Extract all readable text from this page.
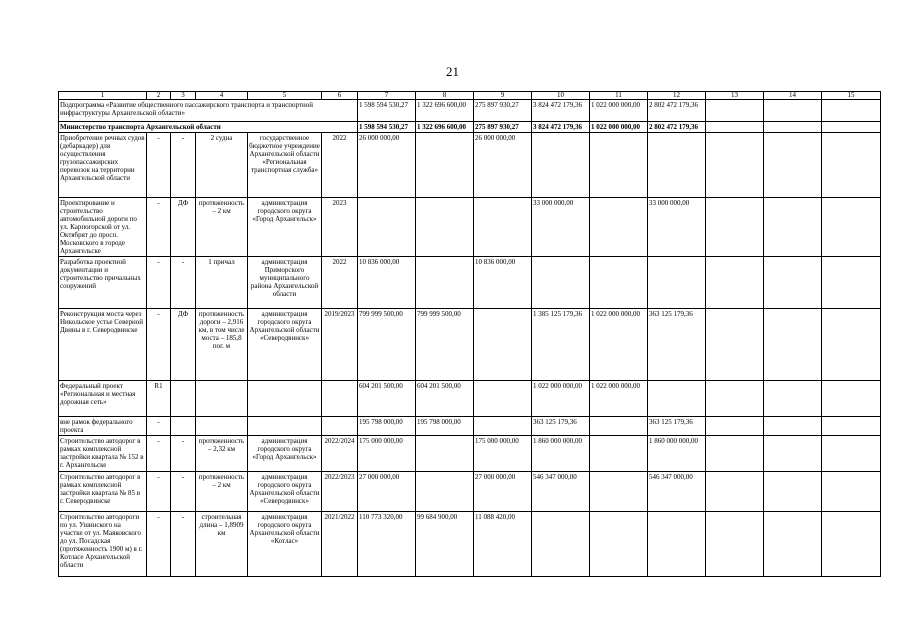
21
1	2	3	4	5	6	7	8	9	10	11	12	13	14	15
Подпрограмма «Развитие общественного пассажирского транспорта и транспортной инфраструктуры Архангельской области»						1 598 594 530,27	1 322 696 600,00	275 897 930,27	3 824 472 179,36	1 022 000 000,00	2 802 472 179,36			
Министерство транспорта Архангельской области						1 598 594 530,27	1 322 696 600,00	275 897 930,27	3 824 472 179,36	1 022 000 000,00	2 802 472 179,36			
Приобретение речных судов (дебаркадер) для осуществления грузопассажирских перевозок на территории Архангельской области	-	-	2 судна	государственное бюджетное учреждение Архангельской области «Региональная транспортная служба»	2022	26 000 000,00		26 000 000,00						
Проектирование и строительство автомобильной дороги по ул. Карпогорской от ул. Октябрят до просп. Московского в городе Архангельске	-	ДФ	протяженность – 2 км	администрация городского округа «Город Архангельск»	2023				33 000 000,00		33 000 000,00			
Разработка проектной документации и строительство причальных сооружений	-	-	1 причал	администрация Приморского муниципального района Архангельской области	2022	10 836 000,00		10 836 000,00						
Реконструкция моста через Никольское устье Северной Двины в г. Северодвинске	-	ДФ	протяженность дороги – 2,916 км, в том числе моста – 185,8 пог. м	администрация городского округа Архангельской области «Северодвинск»	2019/2023	799 999 500,00	799 999 500,00		1 385 125 179,36	1 022 000 000,00	363 125 179,36			
Федеральный проект «Региональная и местная дорожная сеть»	R1					604 201 500,00	604 201 500,00		1 022 000 000,00	1 022 000 000,00				
вне рамок федерального проекта	-					195 798 000,00	195 798 000,00		363 125 179,36		363 125 179,36			
Строительство автодорог в рамках комплексной застройки квартала № 152 в г. Архангельске	-	-	протяженность – 2,32 км	администрация городского округа «Город Архангельск»	2022/2024	175 000 000,00		175 000 000,00	1 860 000 000,00		1 860 000 000,00			
Строительство автодорог в рамках комплексной застройки квартала № 85 в г. Северодвинске	-	-	протяженность – 2 км	администрация городского округа Архангельской области «Северодвинск»	2022/2023	27 000 000,00		27 000 000,00	546 347 000,00		546 347 000,00			
Строительство автодороги по ул. Ушинского на участке от ул. Маяковского до ул. Посадская (протяженность 1900 м) в г. Котласе Архангельской области	-	-	строительная длина – 1,8909 км	администрация городского округа Архангельской области «Котлас»	2021/2022	110 773 320,00	99 684 900,00	11 088 420,00						
